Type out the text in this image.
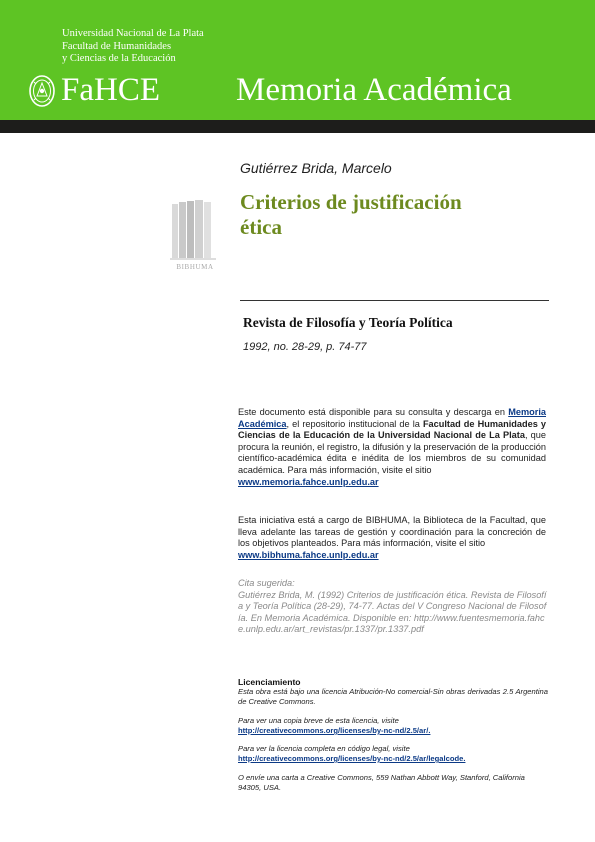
Universidad Nacional de La Plata
Facultad de Humanidades
y Ciencias de la Educación
FaHCE Memoria Académica
BIBHUMA
Gutiérrez Brida, Marcelo
Criterios de justificación
ética
Revista de Filosofía y Teoría Política
1992, no. 28-29, p. 74-77
Este documento está disponible para su consulta y descarga en Memoria Académica, el repositorio institucional de la Facultad de Humanidades y Ciencias de la Educación de la Universidad Nacional de La Plata, que procura la reunión, el registro, la difusión y la preservación de la producción científico-académica édita e inédita de los miembros de su comunidad académica. Para más información, visite el sitio
www.memoria.fahce.unlp.edu.ar
Esta iniciativa está a cargo de BIBHUMA, la Biblioteca de la Facultad, que lleva adelante las tareas de gestión y coordinación para la concreción de los objetivos planteados. Para más información, visite el sitio
www.bibhuma.fahce.unlp.edu.ar
Cita sugerida:
Gutiérrez Brida, M. (1992) Criterios de justificación ética. Revista de Filosofía y Teoría Política (28-29), 74-77. Actas del V Congreso Nacional de Filosofía. En Memoria Académica. Disponible en: http://www.fuentesmemoria.fahce.unlp.edu.ar/art_revistas/pr.1337/pr.1337.pdf
Licenciamiento
Esta obra está bajo una licencia Atribución-No comercial-Sin obras derivadas 2.5 Argentina de Creative Commons.
Para ver una copia breve de esta licencia, visite
http://creativecommons.org/licenses/by-nc-nd/2.5/ar/.
Para ver la licencia completa en código legal, visite
http://creativecommons.org/licenses/by-nc-nd/2.5/ar/legalcode.
O envíe una carta a Creative Commons, 559 Nathan Abbott Way, Stanford, California 94305, USA.
